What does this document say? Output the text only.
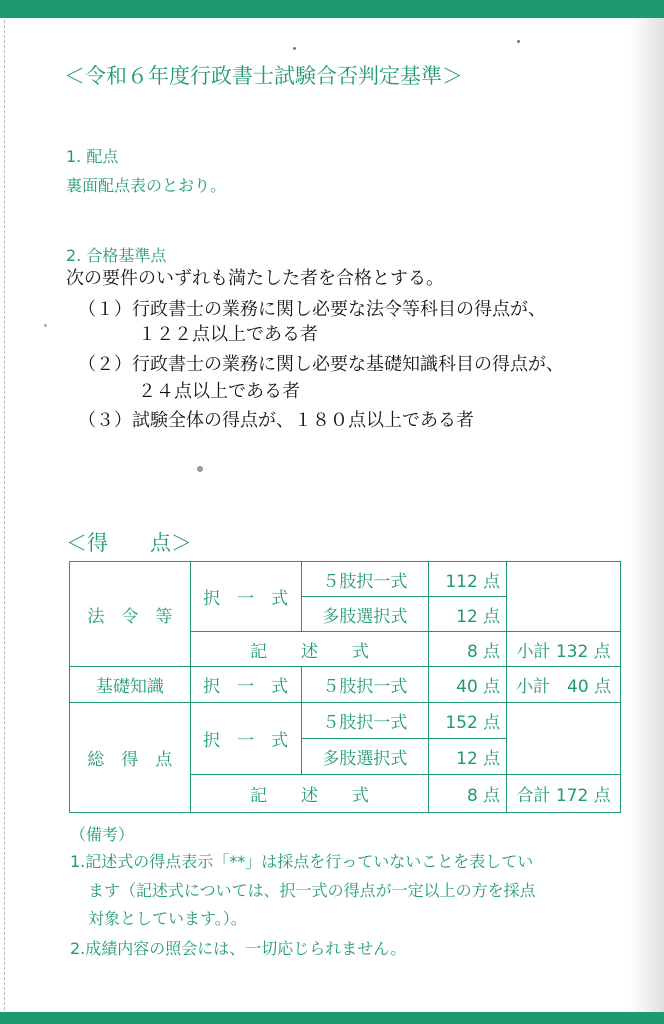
＜令和６年度行政書士試験合否判定基準＞
1. 配点
裏面配点表のとおり。
2. 合格基準点
次の要件のいずれも満たした者を合格とする。
（１）行政書士の業務に関し必要な法令等科目の得点が、
１２２点以上である者
（２）行政書士の業務に関し必要な基礎知識科目の得点が、
２４点以上である者
（３）試験全体の得点が、１８０点以上である者
＜得　　点＞
法　令　等	択　一　式	５肢択一式	112 点	
		多肢選択式	12 点	
	記　　述　　式		8 点	小計 132 点
基礎知識	択　一　式	５肢択一式	40 点	小計　40 点
総　得　点	択　一　式	５肢択一式	152 点	
		多肢選択式	12 点	
	記　　述　　式		8 点	合計 172 点
（備考）
1.記述式の得点表示「**」は採点を行っていないことを表してい
ます（記述式については、択一式の得点が一定以上の方を採点
対象としています。）。
2.成績内容の照会には、一切応じられません。
